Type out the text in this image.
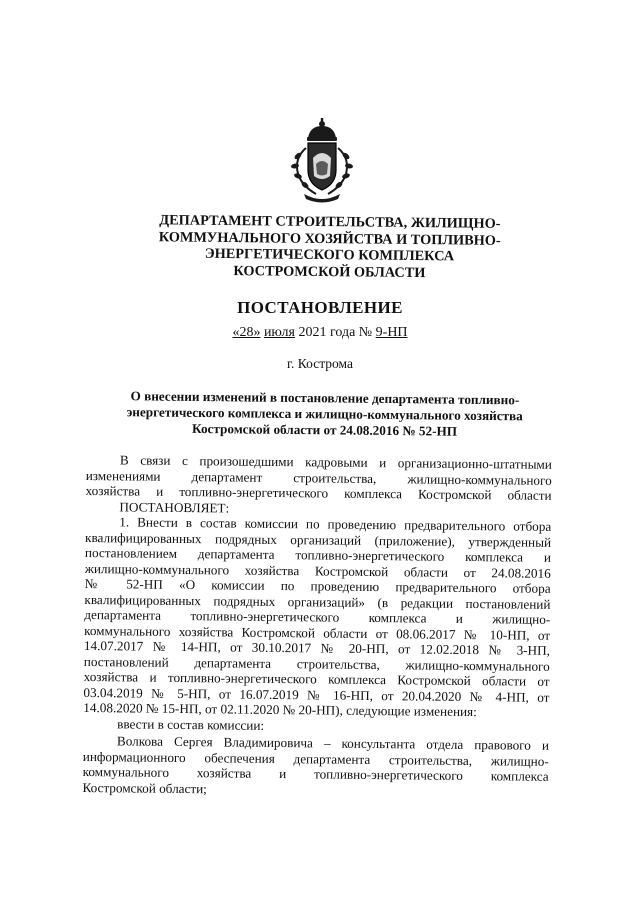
ДЕПАРТАМЕНТ СТРОИТЕЛЬСТВА, ЖИЛИЩНО-
КОММУНАЛЬНОГО ХОЗЯЙСТВА И ТОПЛИВНО-
ЭНЕРГЕТИЧЕСКОГО КОМПЛЕКСА
КОСТРОМСКОЙ ОБЛАСТИ
ПОСТАНОВЛЕНИЕ
«28» июля 2021 года № 9-НП
г. Кострома
О внесении изменений в постановление департамента топливно-
энергетического комплекса и жилищно-коммунального хозяйства
Костромской области от 24.08.2016 № 52-НП
В связи с произошедшими кадровыми и организационно-штатными
изменениями департамент строительства, жилищно-коммунального
хозяйства и топливно-энергетического комплекса Костромской области
ПОСТАНОВЛЯЕТ:
1. Внести в состав комиссии по проведению предварительного отбора
квалифицированных подрядных организаций (приложение), утвержденный
постановлением департамента топливно-энергетического комплекса и
жилищно-коммунального хозяйства Костромской области от 24.08.2016
№ 52-НП «О комиссии по проведению предварительного отбора
квалифицированных подрядных организаций» (в редакции постановлений
департамента топливно-энергетического комплекса и жилищно-
коммунального хозяйства Костромской области от 08.06.2017 № 10-НП, от
14.07.2017 № 14-НП, от 30.10.2017 № 20-НП, от 12.02.2018 № 3-НП,
постановлений департамента строительства, жилищно-коммунального
хозяйства и топливно-энергетического комплекса Костромской области от
03.04.2019 № 5-НП, от 16.07.2019 № 16-НП, от 20.04.2020 № 4-НП, от
14.08.2020 № 15-НП, от 02.11.2020 № 20-НП), следующие изменения:
ввести в состав комиссии:
Волкова Сергея Владимировича – консультанта отдела правового и
информационного обеспечения департамента строительства, жилищно-
коммунального хозяйства и топливно-энергетического комплекса
Костромской области;
